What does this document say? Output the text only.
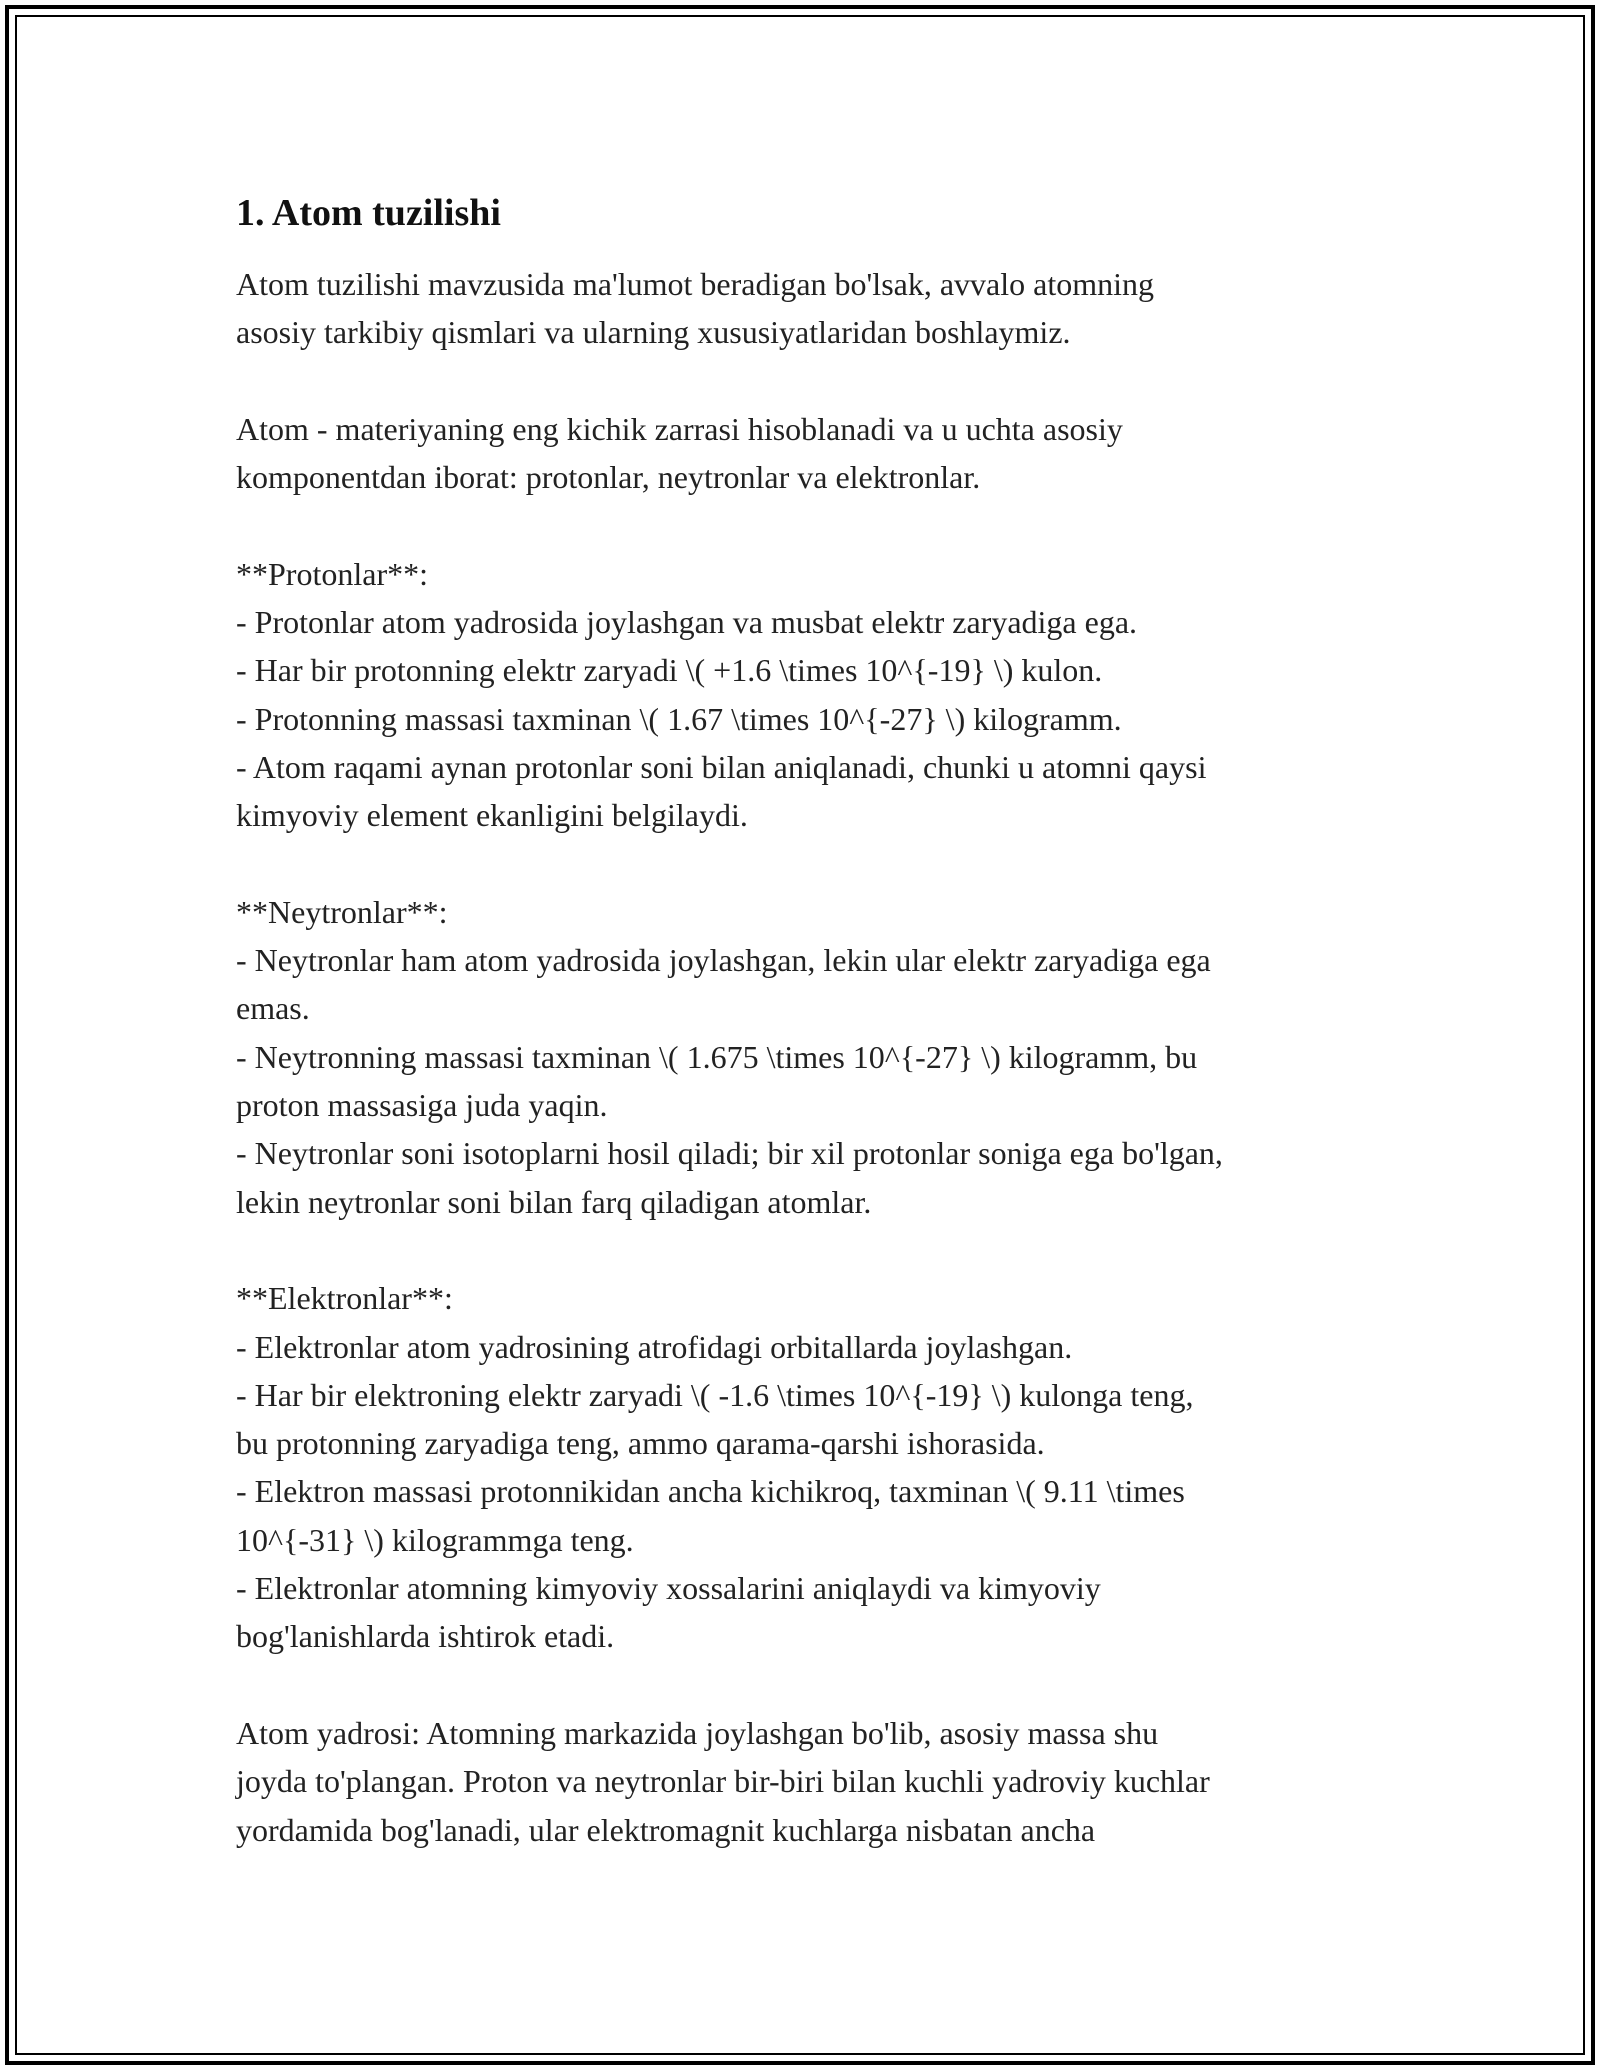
1. Atom tuzilishi

Atom tuzilishi mavzusida ma'lumot beradigan bo'lsak, avvalo atomning
asosiy tarkibiy qismlari va ularning xususiyatlaridan boshlaymiz.

Atom - materiyaning eng kichik zarrasi hisoblanadi va u uchta asosiy
komponentdan iborat: protonlar, neytronlar va elektronlar.

**Protonlar**:
- Protonlar atom yadrosida joylashgan va musbat elektr zaryadiga ega.
- Har bir protonning elektr zaryadi \( +1.6 \times 10^{-19} \) kulon.
- Protonning massasi taxminan \( 1.67 \times 10^{-27} \) kilogramm.
- Atom raqami aynan protonlar soni bilan aniqlanadi, chunki u atomni qaysi
kimyoviy element ekanligini belgilaydi.

**Neytronlar**:
- Neytronlar ham atom yadrosida joylashgan, lekin ular elektr zaryadiga ega
emas.
- Neytronning massasi taxminan \( 1.675 \times 10^{-27} \) kilogramm, bu
proton massasiga juda yaqin.
- Neytronlar soni isotoplarni hosil qiladi; bir xil protonlar soniga ega bo'lgan,
lekin neytronlar soni bilan farq qiladigan atomlar.

**Elektronlar**:
- Elektronlar atom yadrosining atrofidagi orbitallarda joylashgan.
- Har bir elektroning elektr zaryadi \( -1.6 \times 10^{-19} \) kulonga teng,
bu protonning zaryadiga teng, ammo qarama-qarshi ishorasida.
- Elektron massasi protonnikidan ancha kichikroq, taxminan \( 9.11 \times
10^{-31} \) kilogrammga teng.
- Elektronlar atomning kimyoviy xossalarini aniqlaydi va kimyoviy
bog'lanishlarda ishtirok etadi.

Atom yadrosi: Atomning markazida joylashgan bo'lib, asosiy massa shu
joyda to'plangan. Proton va neytronlar bir-biri bilan kuchli yadroviy kuchlar
yordamida bog'lanadi, ular elektromagnit kuchlarga nisbatan ancha
